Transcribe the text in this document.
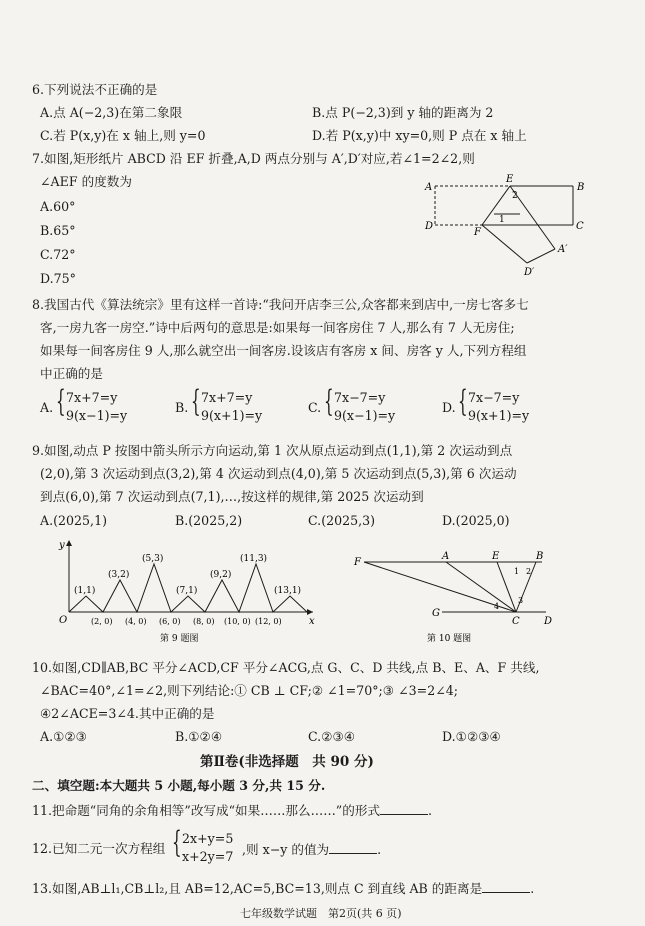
6.下列说法不正确的是
A.点 A(−2,3)在第二象限	B.点 P(−2,3)到 y 轴的距离为 2
C.若 P(x,y)在 x 轴上,则 y=0	D.若 P(x,y)中 xy=0,则 P 点在 x 轴上
7.如图,矩形纸片 ABCD 沿 EF 折叠,A,D 两点分别与 A′,D′对应,若∠1=2∠2,则
∠AEF 的度数为
A.60°
B.65°
C.72°
D.75°
A
E
B
D
F
C
A′
D′
1
2
8.我国古代《算法统宗》里有这样一首诗:“我问开店李三公,众客都来到店中,一房七客多七
客,一房九客一房空.”诗中后两句的意思是:如果每一间客房住 7 人,那么有 7 人无房住;
如果每一间客房住 9 人,那么就空出一间客房.设该店有客房 x 间、房客 y 人,下列方程组
中正确的是
A. { 7x+7=y
9(x−1)=y
B. { 7x+7=y
9(x+1)=y
C. { 7x−7=y
9(x−1)=y
D. { 7x−7=y
9(x+1)=y
9.如图,动点 P 按图中箭头所示方向运动,第 1 次从原点运动到点(1,1),第 2 次运动到点
(2,0),第 3 次运动到点(3,2),第 4 次运动到点(4,0),第 5 次运动到点(5,3),第 6 次运动
到点(6,0),第 7 次运动到点(7,1),…,按这样的规律,第 2025 次运动到
A.(2025,1)	B.(2025,2)	C.(2025,3)	D.(2025,0)
y
x
O
(1,1)
(3,2)
(5,3)
(7,1)
(9,2)
(11,3)
(13,1)
(2, 0) (4, 0) (6, 0) (8, 0) (10, 0) (12, 0)
第 9 题图
F
A	E	B
G
C D
1 2
3
4
第 10 题图
10.如图,CD∥AB,BC 平分∠ACD,CF 平分∠ACG,点 G、C、D 共线,点 B、E、A、F 共线,
∠BAC=40°,∠1=∠2,则下列结论:① CB ⊥ CF;② ∠1=70°;③ ∠3=2∠4;
④2∠ACE=3∠4.其中正确的是
A.①②③	B.①②④	C.②③④	D.①②③④
第Ⅱ卷(非选择题　共 90 分)
二、填空题:本大题共 5 小题,每小题 3 分,共 15 分.
11.把命题“同角的余角相等”改写成“如果……那么……”的形式	.
12.已知二元一次方程组 { 2x+y=5
x+2y=7 ,则 x−y 的值为	.
13.如图,AB⊥l₁,CB⊥l₂,且 AB=12,AC=5,BC=13,则点 C 到直线 AB 的距离是	.
七年级数学试题　第2页(共 6 页)
